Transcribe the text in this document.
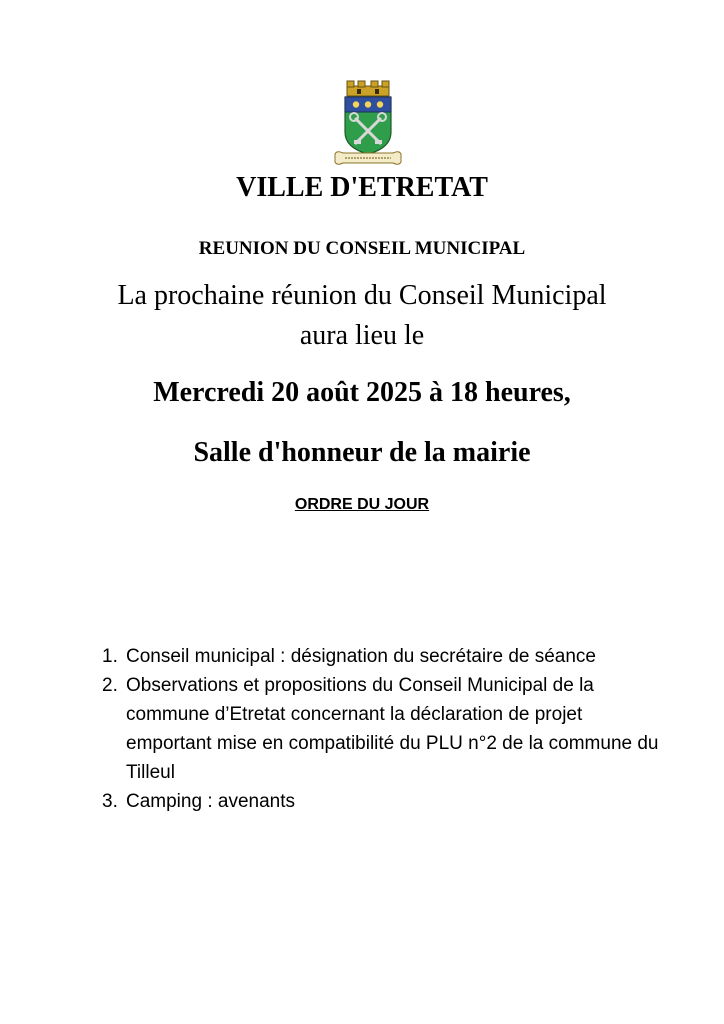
VILLE D'ETRETAT
REUNION DU CONSEIL MUNICIPAL
La prochaine réunion du Conseil Municipal
aura lieu le
Mercredi 20 août 2025 à 18 heures,
Salle d'honneur de la mairie
ORDRE DU JOUR
1. Conseil municipal : désignation du secrétaire de séance
2. Observations et propositions du Conseil Municipal de la commune d’Etretat concernant la déclaration de projet emportant mise en compatibilité du PLU n°2 de la commune du Tilleul
3. Camping : avenants
